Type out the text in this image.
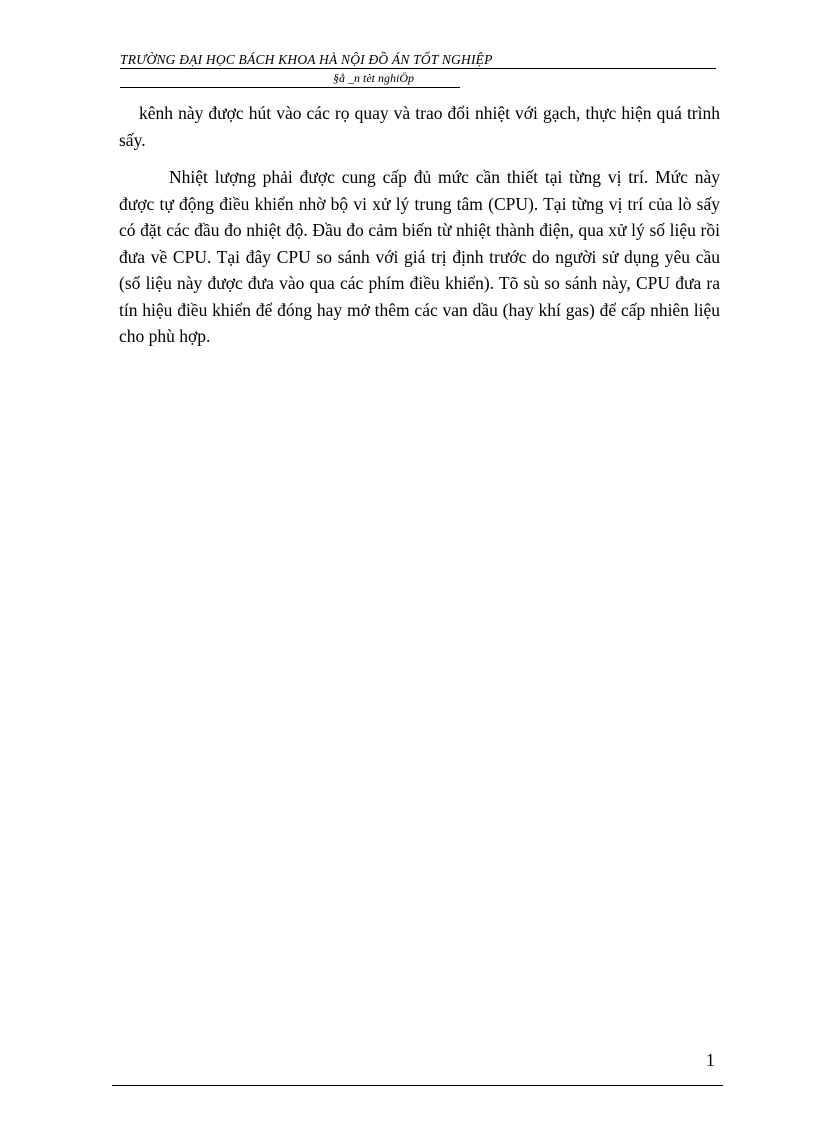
TRƯỜNG ĐẠI HỌC BÁCH KHOA HÀ NỘI ĐỒ ÁN TỐT NGHIỆP
§å _n tèt nghiÖp

kênh này được hút vào các rọ quay và trao đổi nhiệt với gạch, thực hiện quá trình sấy.

Nhiệt lượng phải được cung cấp đủ mức cần thiết tại từng vị trí. Mức này được tự động điều khiển nhờ bộ vi xử lý trung tâm (CPU). Tại từng vị trí của lò sấy có đặt các đầu đo nhiệt độ. Đầu đo cảm biến từ nhiệt thành điện, qua xử lý số liệu rồi đưa về CPU. Tại đây CPU so sánh với giá trị định trước do người sử dụng yêu cầu (số liệu này được đưa vào qua các phím điều khiển). Tõ sù so sánh này, CPU đưa ra tín hiệu điều khiển để đóng hay mở thêm các van dầu (hay khí gas) để cấp nhiên liệu cho phù hợp.

1
